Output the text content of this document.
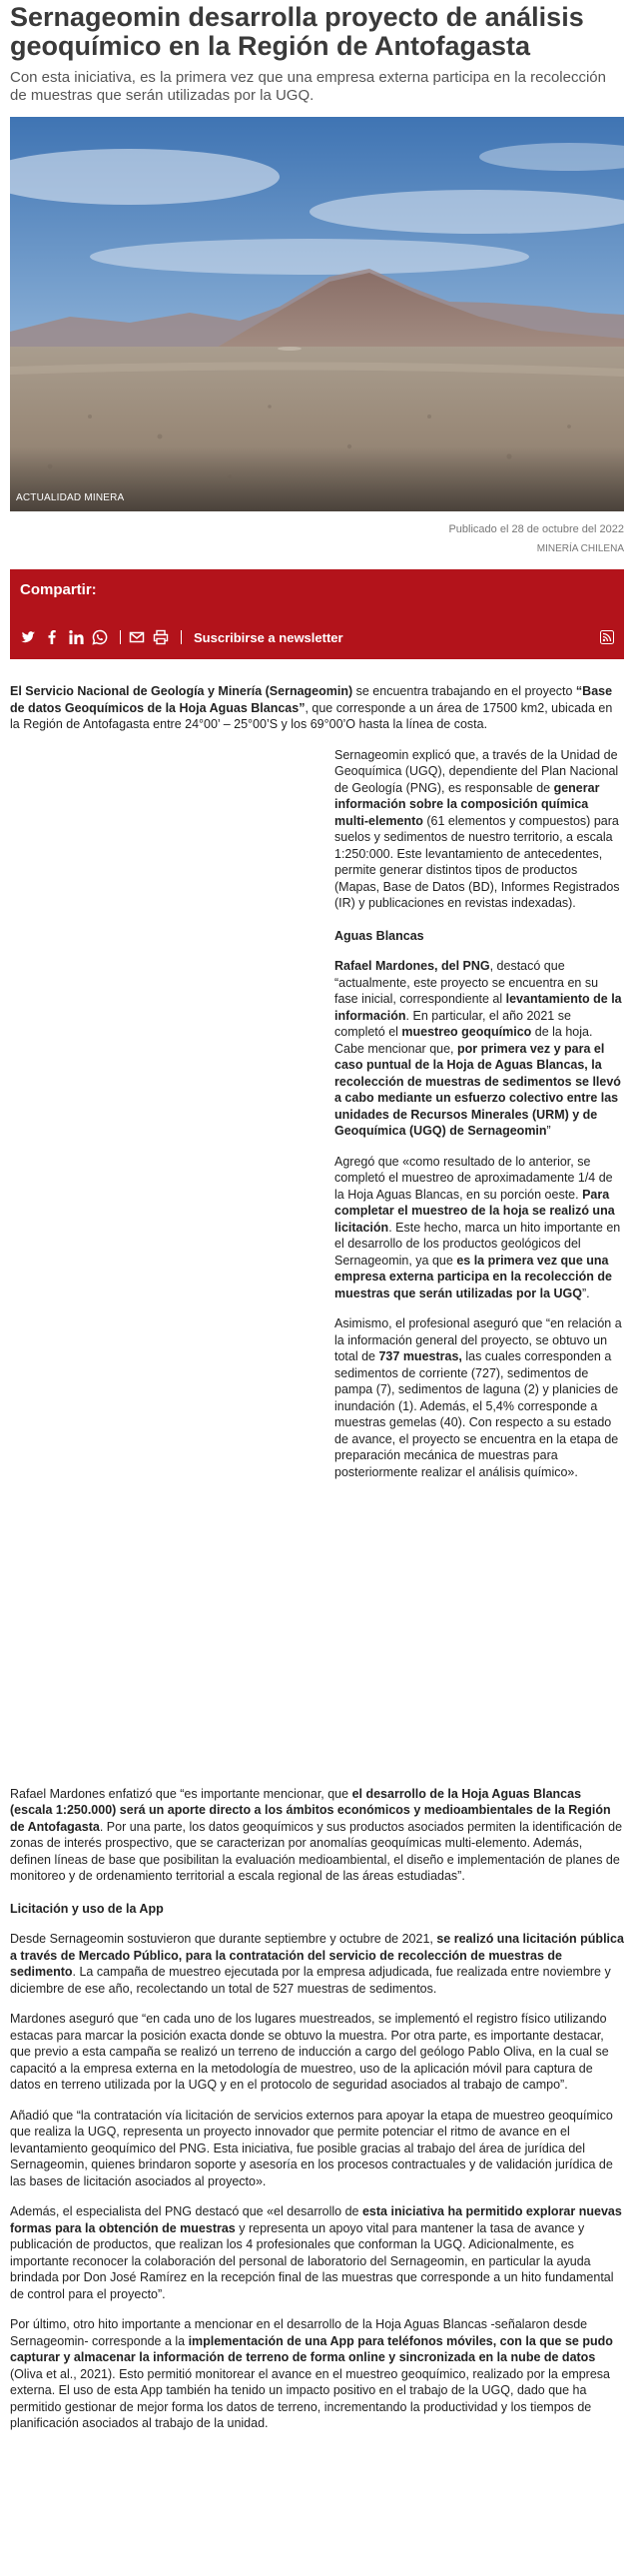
Sernageomin desarrolla proyecto de análisis geoquímico en la Región de Antofagasta

Con esta iniciativa, es la primera vez que una empresa externa participa en la recolección de muestras que serán utilizadas por la UGQ.

ACTUALIDAD MINERA
Publicado el 28 de octubre del 2022
MINERÍA CHILENA
Compartir:
Suscribirse a newsletter

El Servicio Nacional de Geología y Minería (Sernageomin) se encuentra trabajando en el proyecto “Base de datos Geoquímicos de la Hoja Aguas Blancas”, que corresponde a un área de 17500 km2, ubicada en la Región de Antofagasta entre 24°00’ – 25°00’S y los 69°00’O hasta la línea de costa.

Sernageomin explicó que, a través de la Unidad de Geoquímica (UGQ), dependiente del Plan Nacional de Geología (PNG), es responsable de generar información sobre la composición química multi-elemento (61 elementos y compuestos) para suelos y sedimentos de nuestro territorio, a escala 1:250:000. Este levantamiento de antecedentes, permite generar distintos tipos de productos (Mapas, Base de Datos (BD), Informes Registrados (IR) y publicaciones en revistas indexadas).

Aguas Blancas

Rafael Mardones, del PNG, destacó que “actualmente, este proyecto se encuentra en su fase inicial, correspondiente al levantamiento de la información. En particular, el año 2021 se completó el muestreo geoquímico de la hoja. Cabe mencionar que, por primera vez y para el caso puntual de la Hoja de Aguas Blancas, la recolección de muestras de sedimentos se llevó a cabo mediante un esfuerzo colectivo entre las unidades de Recursos Minerales (URM) y de Geoquímica (UGQ) de Sernageomin”

Agregó que «como resultado de lo anterior, se completó el muestreo de aproximadamente 1/4 de la Hoja Aguas Blancas, en su porción oeste. Para completar el muestreo de la hoja se realizó una licitación. Este hecho, marca un hito importante en el desarrollo de los productos geológicos del Sernageomin, ya que es la primera vez que una empresa externa participa en la recolección de muestras que serán utilizadas por la UGQ”.

Asimismo, el profesional aseguró que “en relación a la información general del proyecto, se obtuvo un total de 737 muestras, las cuales corresponden a sedimentos de corriente (727), sedimentos de pampa (7), sedimentos de laguna (2) y planicies de inundación (1). Además, el 5,4% corresponde a muestras gemelas (40). Con respecto a su estado de avance, el proyecto se encuentra en la etapa de preparación mecánica de muestras para posteriormente realizar el análisis químico».

Rafael Mardones enfatizó que “es importante mencionar, que el desarrollo de la Hoja Aguas Blancas (escala 1:250.000) será un aporte directo a los ámbitos económicos y medioambientales de la Región de Antofagasta. Por una parte, los datos geoquímicos y sus productos asociados permiten la identificación de zonas de interés prospectivo, que se caracterizan por anomalías geoquímicas multi-elemento. Además, definen líneas de base que posibilitan la evaluación medioambiental, el diseño e implementación de planes de monitoreo y de ordenamiento territorial a escala regional de las áreas estudiadas”.

Licitación y uso de la App

Desde Sernageomin sostuvieron que durante septiembre y octubre de 2021, se realizó una licitación pública a través de Mercado Público, para la contratación del servicio de recolección de muestras de sedimento. La campaña de muestreo ejecutada por la empresa adjudicada, fue realizada entre noviembre y diciembre de ese año, recolectando un total de 527 muestras de sedimentos.

Mardones aseguró que “en cada uno de los lugares muestreados, se implementó el registro físico utilizando estacas para marcar la posición exacta donde se obtuvo la muestra. Por otra parte, es importante destacar, que previo a esta campaña se realizó un terreno de inducción a cargo del geólogo Pablo Oliva, en la cual se capacitó a la empresa externa en la metodología de muestreo, uso de la aplicación móvil para captura de datos en terreno utilizada por la UGQ y en el protocolo de seguridad asociados al trabajo de campo”.

Añadió que “la contratación vía licitación de servicios externos para apoyar la etapa de muestreo geoquímico que realiza la UGQ, representa un proyecto innovador que permite potenciar el ritmo de avance en el levantamiento geoquímico del PNG. Esta iniciativa, fue posible gracias al trabajo del área de jurídica del Sernageomin, quienes brindaron soporte y asesoría en los procesos contractuales y de validación jurídica de las bases de licitación asociados al proyecto».

Además, el especialista del PNG destacó que «el desarrollo de esta iniciativa ha permitido explorar nuevas formas para la obtención de muestras y representa un apoyo vital para mantener la tasa de avance y publicación de productos, que realizan los 4 profesionales que conforman la UGQ. Adicionalmente, es importante reconocer la colaboración del personal de laboratorio del Sernageomin, en particular la ayuda brindada por Don José Ramírez en la recepción final de las muestras que corresponde a un hito fundamental de control para el proyecto”.

Por último, otro hito importante a mencionar en el desarrollo de la Hoja Aguas Blancas -señalaron desde Sernageomin- corresponde a la implementación de una App para teléfonos móviles, con la que se pudo capturar y almacenar la información de terreno de forma online y sincronizada en la nube de datos (Oliva et al., 2021). Esto permitió monitorear el avance en el muestreo geoquímico, realizado por la empresa externa. El uso de esta App también ha tenido un impacto positivo en el trabajo de la UGQ, dado que ha permitido gestionar de mejor forma los datos de terreno, incrementando la productividad y los tiempos de planificación asociados al trabajo de la unidad.
